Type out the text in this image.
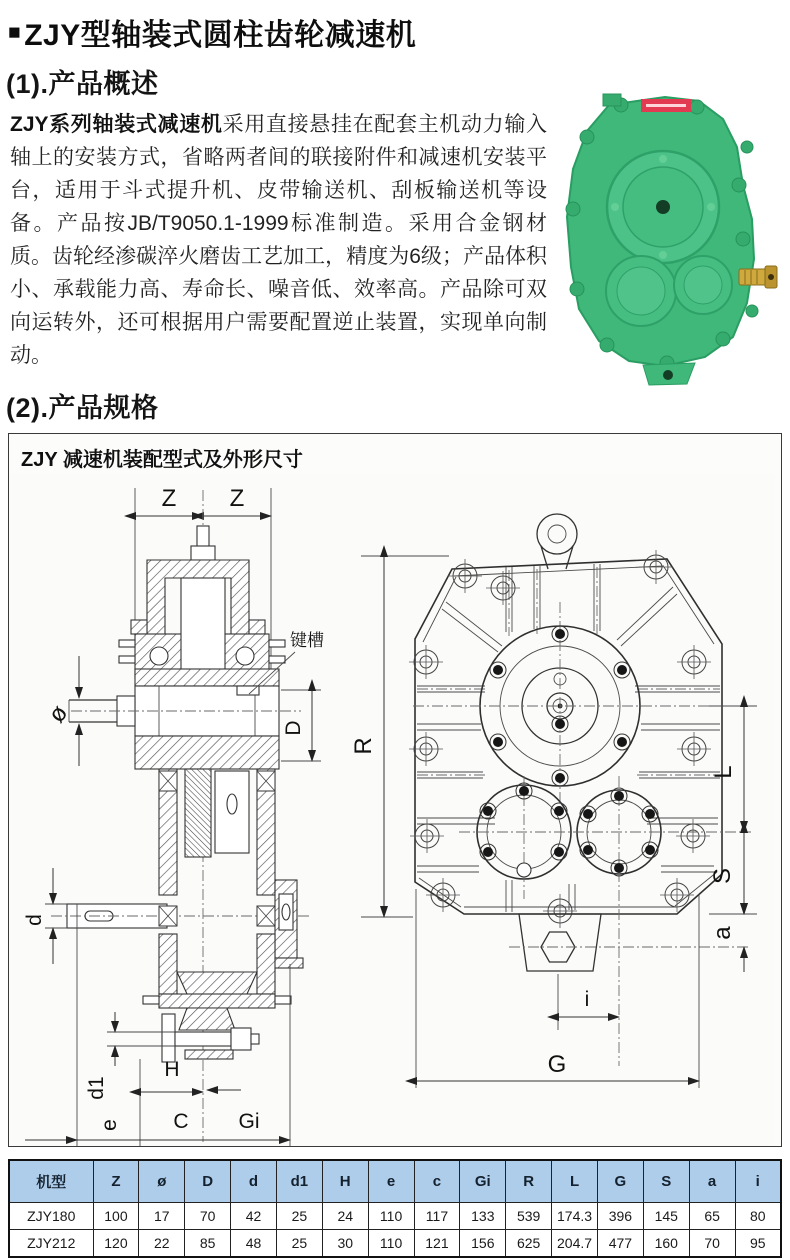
■ ZJY型轴装式圆柱齿轮减速机
(1).产品概述

ZJY系列轴装式减速机采用直接悬挂在配套主机动力输入轴上的安装方式，省略两者间的联接附件和减速机安装平台，适用于斗式提升机、皮带输送机、刮板输送机等设备。产品按JB/T9050.1-1999标准制造。采用合金钢材质。齿轮经渗碳淬火磨齿工艺加工，精度为6级；产品体积小、承载能力高、寿命长、噪音低、效率高。产品除可双向运转外，还可根据用户需要配置逆止装置，实现单向制动。

(2).产品规格
ZJY 减速机装配型式及外形尺寸
Z Z
ø
键槽
D
d
d1
H
e C Gi
R
i
G
L
S
a
机型	Z	ø	D	d	d1	H	e	c	Gi	R	L	G	S	a	i
ZJY180	100	17	70	42	25	24	110	117	133	539	174.3	396	145	65	80
ZJY212	120	22	85	48	25	30	110	121	156	625	204.7	477	160	70	95
